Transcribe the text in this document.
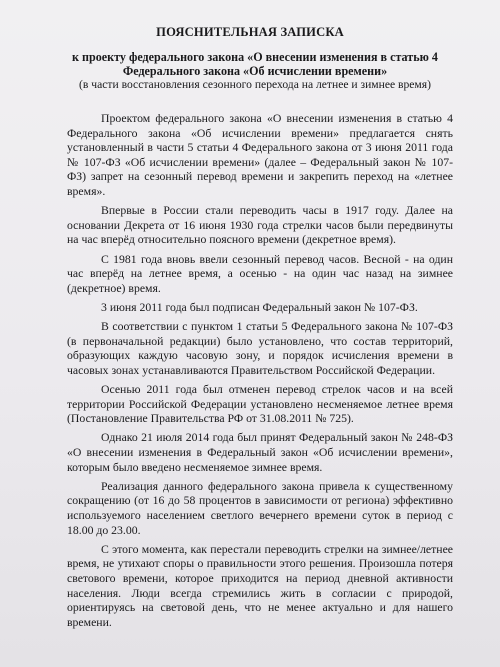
ПОЯСНИТЕЛЬНАЯ ЗАПИСКА
к проекту федерального закона «О внесении изменения в статью 4 Федерального закона «Об исчислении времени»
(в части восстановления сезонного перехода на летнее и зимнее время)

Проектом федерального закона «О внесении изменения в статью 4 Федерального закона «Об исчислении времени» предлагается снять установленный в части 5 статьи 4 Федерального закона от 3 июня 2011 года № 107-ФЗ «Об исчислении времени» (далее – Федеральный закон № 107-ФЗ) запрет на сезонный перевод времени и закрепить переход на «летнее время».

Впервые в России стали переводить часы в 1917 году. Далее на основании Декрета от 16 июня 1930 года стрелки часов были передвинуты на час вперёд относительно поясного времени (декретное время).

С 1981 года вновь ввели сезонный перевод часов. Весной - на один час вперёд на летнее время, а осенью - на один час назад на зимнее (декретное) время.

3 июня 2011 года был подписан Федеральный закон № 107-ФЗ.

В соответствии с пунктом 1 статьи 5 Федерального закона № 107-ФЗ (в первоначальной редакции) было установлено, что состав территорий, образующих каждую часовую зону, и порядок исчисления времени в часовых зонах устанавливаются Правительством Российской Федерации.

Осенью 2011 года был отменен перевод стрелок часов и на всей территории Российской Федерации установлено несменяемое летнее время (Постановление Правительства РФ от 31.08.2011 № 725).

Однако 21 июля 2014 года был принят Федеральный закон № 248-ФЗ «О внесении изменения в Федеральный закон «Об исчислении времени», которым было введено несменяемое зимнее время.

Реализация данного федерального закона привела к существенному сокращению (от 16 до 58 процентов в зависимости от региона) эффективно используемого населением светлого вечернего времени суток в период с 18.00 до 23.00.

С этого момента, как перестали переводить стрелки на зимнее/летнее время, не утихают споры о правильности этого решения. Произошла потеря светового времени, которое приходится на период дневной активности населения. Люди всегда стремились жить в согласии с природой, ориентируясь на световой день, что не менее актуально и для нашего времени.
